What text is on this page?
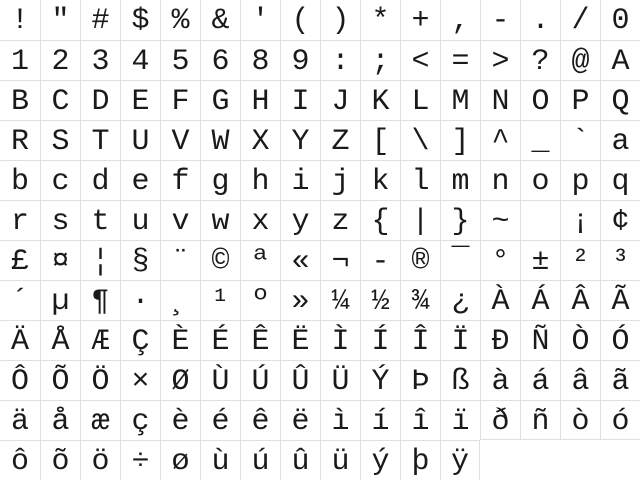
! " # $ % & ' ( ) * + , - . / 0
1 2 3 4 5 6 8 9 : ; < = > ? @ A
B C D E F G H I J K L M N O P Q
R S T U V W X Y Z [ \ ] ^ _ ` a
b c d e f g h i j k l m n o p q
r s t u v w x y z { | } ~	¡ ¢
£ ¤ ¦ § ¨ © ª « ¬ - ® ¯ ° ± ² ³
´ µ ¶ · ¸ ¹ º » ¼ ½ ¾ ¿ À Á Â Ã
Ä Å Æ Ç È É Ê Ë Ì Í Î Ï Ð Ñ Ò Ó
Ô Õ Ö × Ø Ù Ú Û Ü Ý Þ ß à á â ã
ä å æ ç è é ê ë ì í î ï ð ñ ò ó
ô õ ö ÷ ø ù ú û ü ý þ ÿ
